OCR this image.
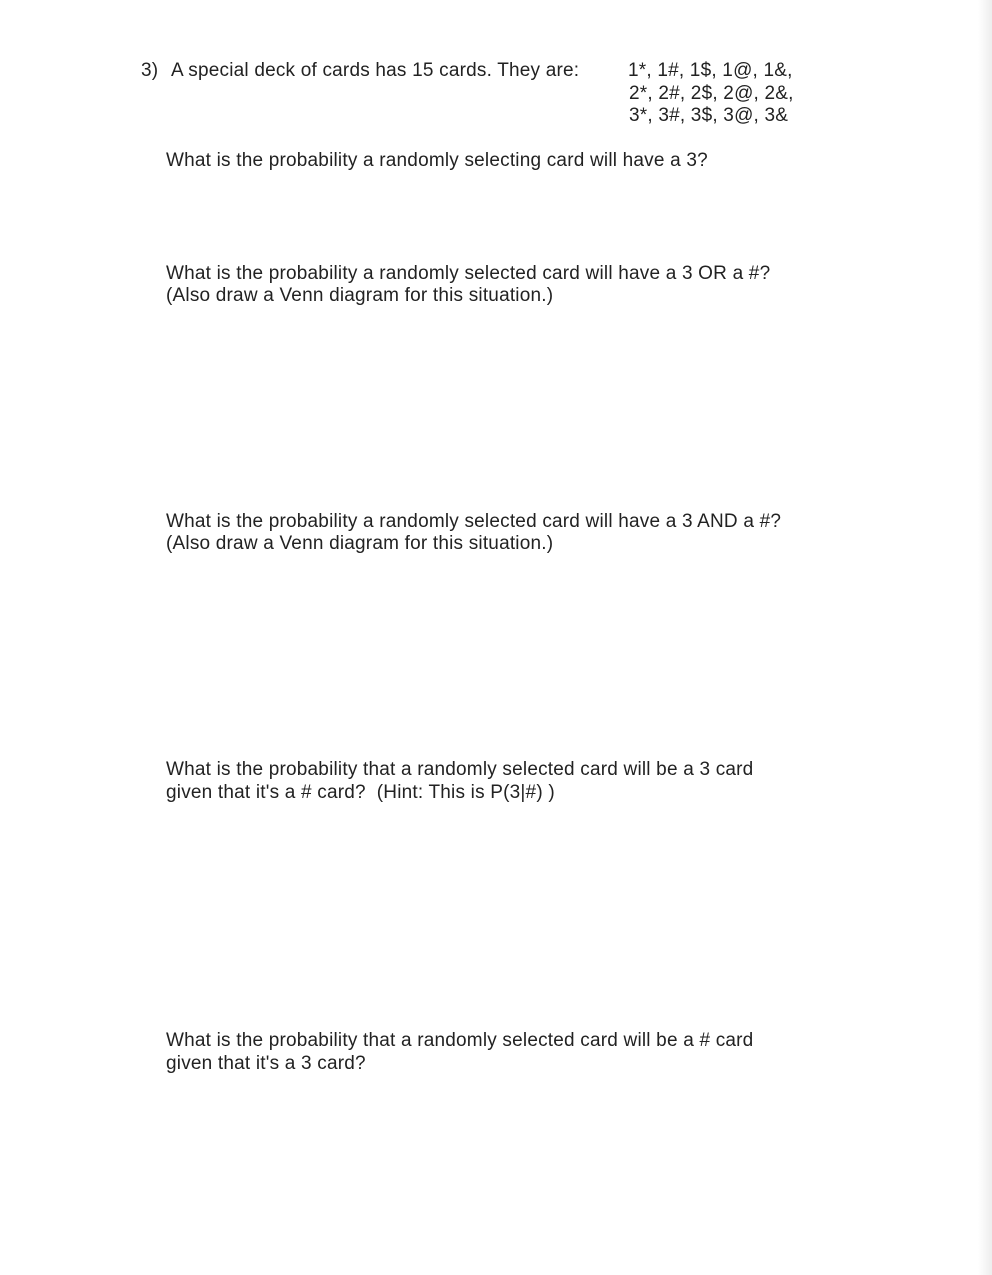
3) A special deck of cards has 15 cards. They are:	1*, 1#, 1$, 1@, 1&,

2*, 2#, 2$, 2@, 2&,

3*, 3#, 3$, 3@, 3&

What is the probability a randomly selecting card will have a 3?

What is the probability a randomly selected card will have a 3 OR a #?

(Also draw a Venn diagram for this situation.)

What is the probability a randomly selected card will have a 3 AND a #?

(Also draw a Venn diagram for this situation.)

What is the probability that a randomly selected card will be a 3 card

given that it's a # card?  (Hint: This is P(3|#) )

What is the probability that a randomly selected card will be a # card

given that it's a 3 card?
